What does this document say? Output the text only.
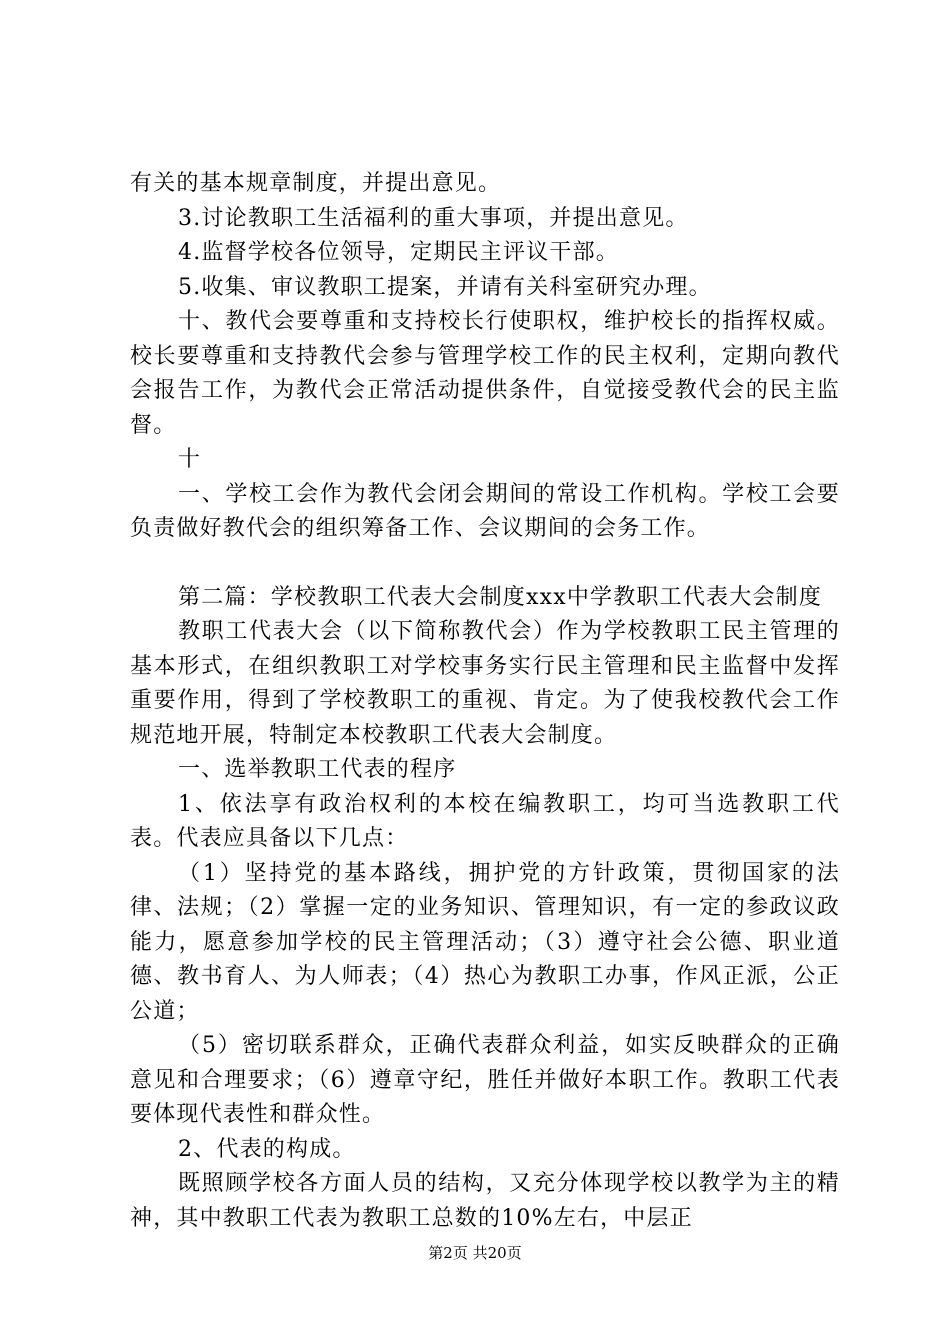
有关的基本规章制度，并提出意见。

3.讨论教职工生活福利的重大事项，并提出意见。

4.监督学校各位领导，定期民主评议干部。

5.收集、审议教职工提案，并请有关科室研究办理。

十、教代会要尊重和支持校长行使职权，维护校长的指挥权威。校长要尊重和支持教代会参与管理学校工作的民主权利，定期向教代会报告工作，为教代会正常活动提供条件，自觉接受教代会的民主监督。

十

一、学校工会作为教代会闭会期间的常设工作机构。学校工会要负责做好教代会的组织筹备工作、会议期间的会务工作。

第二篇：学校教职工代表大会制度xxx中学教职工代表大会制度

教职工代表大会（以下简称教代会）作为学校教职工民主管理的基本形式，在组织教职工对学校事务实行民主管理和民主监督中发挥重要作用，得到了学校教职工的重视、肯定。为了使我校教代会工作规范地开展，特制定本校教职工代表大会制度。

一、选举教职工代表的程序

1、依法享有政治权利的本校在编教职工，均可当选教职工代表。代表应具备以下几点：

（1）坚持党的基本路线，拥护党的方针政策，贯彻国家的法律、法规；（2）掌握一定的业务知识、管理知识，有一定的参政议政能力，愿意参加学校的民主管理活动；（3）遵守社会公德、职业道德、教书育人、为人师表；（4）热心为教职工办事，作风正派，公正公道；

（5）密切联系群众，正确代表群众利益，如实反映群众的正确意见和合理要求；（6）遵章守纪，胜任并做好本职工作。教职工代表要体现代表性和群众性。

2、代表的构成。

既照顾学校各方面人员的结构，又充分体现学校以教学为主的精神，其中教职工代表为教职工总数的10%左右，中层正

第2页 共20页
